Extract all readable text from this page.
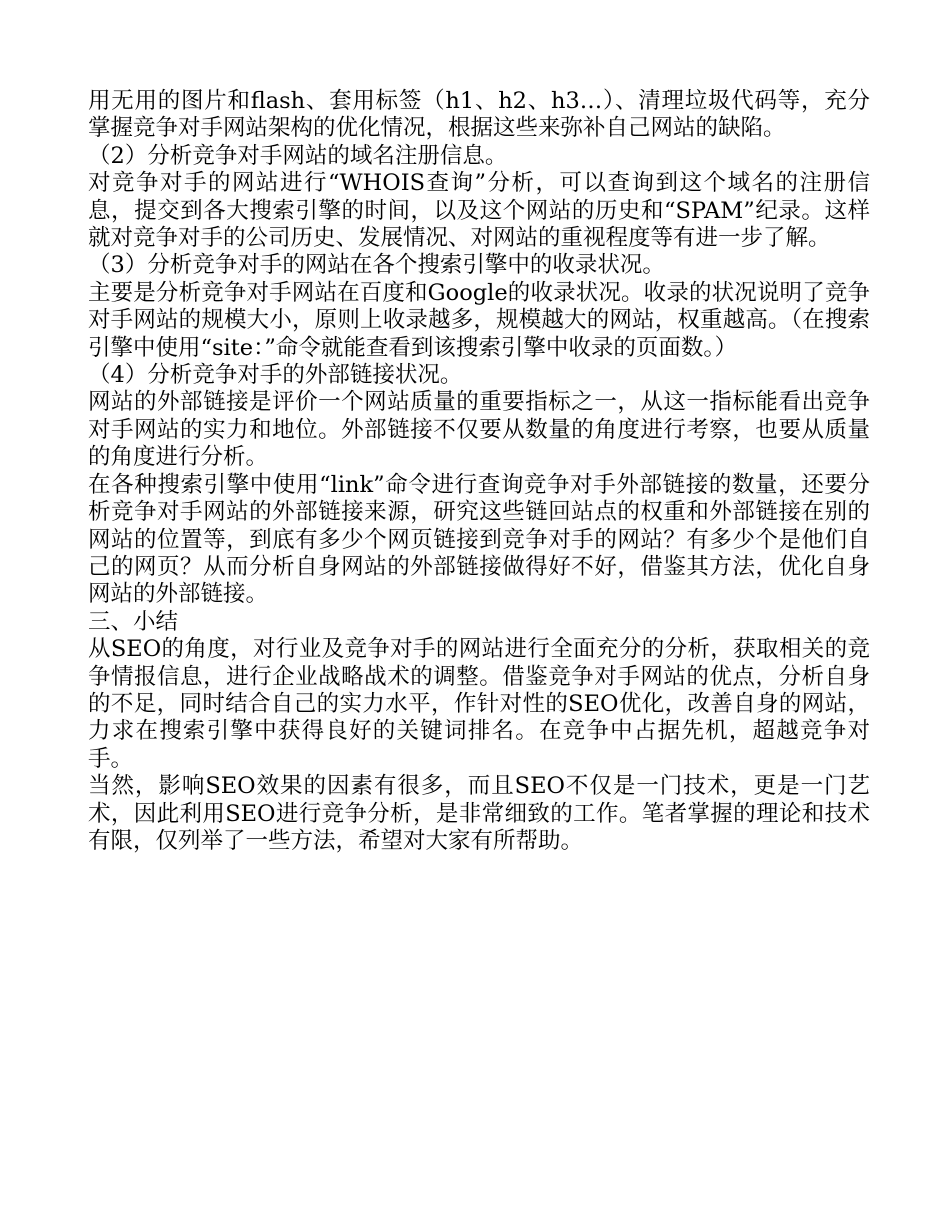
用无用的图片和flash、套用标签（h1、h2、h3…）、清理垃圾代码等，充分掌握竞争对手网站架构的优化情况，根据这些来弥补自己网站的缺陷。

（2）分析竞争对手网站的域名注册信息。

对竞争对手的网站进行“WHOIS查询”分析，可以查询到这个域名的注册信息，提交到各大搜索引擎的时间，以及这个网站的历史和“SPAM”纪录。这样就对竞争对手的公司历史、发展情况、对网站的重视程度等有进一步了解。

（3）分析竞争对手的网站在各个搜索引擎中的收录状况。

主要是分析竞争对手网站在百度和Google的收录状况。收录的状况说明了竞争对手网站的规模大小，原则上收录越多，规模越大的网站，权重越高。（在搜索引擎中使用“site：”命令就能查看到该搜索引擎中收录的页面数。）

（4）分析竞争对手的外部链接状况。

网站的外部链接是评价一个网站质量的重要指标之一，从这一指标能看出竞争对手网站的实力和地位。外部链接不仅要从数量的角度进行考察，也要从质量的角度进行分析。

在各种搜索引擎中使用“link”命令进行查询竞争对手外部链接的数量，还要分析竞争对手网站的外部链接来源，研究这些链回站点的权重和外部链接在别的网站的位置等，到底有多少个网页链接到竞争对手的网站？有多少个是他们自己的网页？从而分析自身网站的外部链接做得好不好，借鉴其方法，优化自身网站的外部链接。

三、小结

从SEO的角度，对行业及竞争对手的网站进行全面充分的分析，获取相关的竞争情报信息，进行企业战略战术的调整。借鉴竞争对手网站的优点，分析自身的不足，同时结合自己的实力水平，作针对性的SEO优化，改善自身的网站，力求在搜索引擎中获得良好的关键词排名。在竞争中占据先机，超越竞争对手。

当然，影响SEO效果的因素有很多，而且SEO不仅是一门技术，更是一门艺术，因此利用SEO进行竞争分析，是非常细致的工作。笔者掌握的理论和技术有限，仅列举了一些方法，希望对大家有所帮助。
